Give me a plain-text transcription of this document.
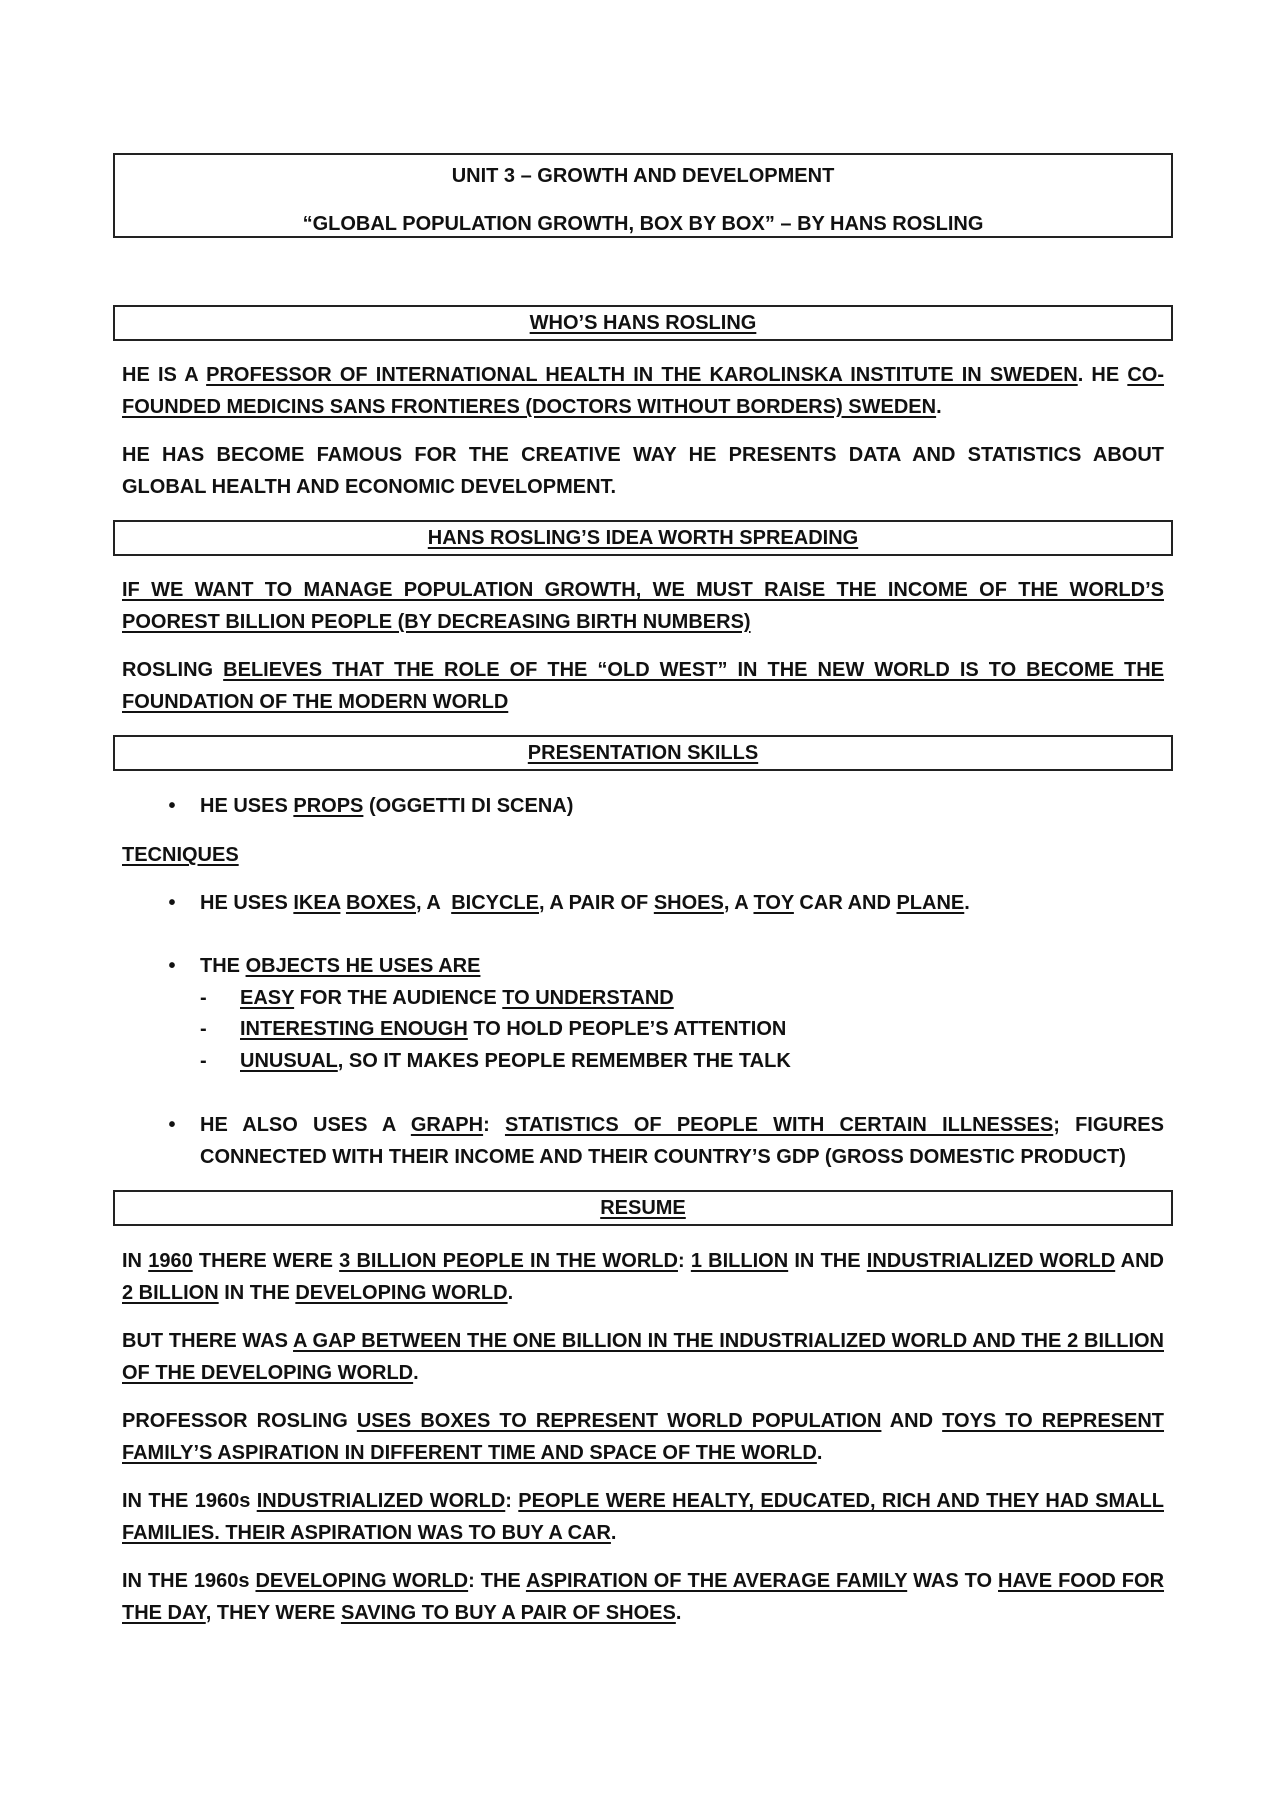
UNIT 3 – GROWTH AND DEVELOPMENT
“GLOBAL POPULATION GROWTH, BOX BY BOX” – BY HANS ROSLING
WHO’S HANS ROSLING

HE IS A PROFESSOR OF INTERNATIONAL HEALTH IN THE KAROLINSKA INSTITUTE IN SWEDEN. HE CO-FOUNDED MEDICINS SANS FRONTIERES (DOCTORS WITHOUT BORDERS) SWEDEN.

HE HAS BECOME FAMOUS FOR THE CREATIVE WAY HE PRESENTS DATA AND STATISTICS ABOUT GLOBAL HEALTH AND ECONOMIC DEVELOPMENT.

HANS ROSLING’S IDEA WORTH SPREADING

IF WE WANT TO MANAGE POPULATION GROWTH, WE MUST RAISE THE INCOME OF THE WORLD’S POOREST BILLION PEOPLE (BY DECREASING BIRTH NUMBERS)

ROSLING BELIEVES THAT THE ROLE OF THE “OLD WEST” IN THE NEW WORLD IS TO BECOME THE FOUNDATION OF THE MODERN WORLD

PRESENTATION SKILLS
•	HE USES PROPS (OGGETTI DI SCENA)

TECNIQUES

•	HE USES IKEA BOXES, A  BICYCLE, A PAIR OF SHOES, A TOY CAR AND PLANE.
•	THE OBJECTS HE USES ARE
- EASY FOR THE AUDIENCE TO UNDERSTAND
- INTERESTING ENOUGH TO HOLD PEOPLE’S ATTENTION
- UNUSUAL, SO IT MAKES PEOPLE REMEMBER THE TALK
•	HE ALSO USES A GRAPH: STATISTICS OF PEOPLE WITH CERTAIN ILLNESSES; FIGURES CONNECTED WITH THEIR INCOME AND THEIR COUNTRY’S GDP (GROSS DOMESTIC PRODUCT)
RESUME

IN 1960 THERE WERE 3 BILLION PEOPLE IN THE WORLD: 1 BILLION IN THE INDUSTRIALIZED WORLD AND 2 BILLION IN THE DEVELOPING WORLD.

BUT THERE WAS A GAP BETWEEN THE ONE BILLION IN THE INDUSTRIALIZED WORLD AND THE 2 BILLION OF THE DEVELOPING WORLD.

PROFESSOR ROSLING USES BOXES TO REPRESENT WORLD POPULATION AND TOYS TO REPRESENT FAMILY’S ASPIRATION IN DIFFERENT TIME AND SPACE OF THE WORLD.

IN THE 1960s INDUSTRIALIZED WORLD: PEOPLE WERE HEALTY, EDUCATED, RICH AND THEY HAD SMALL FAMILIES. THEIR ASPIRATION WAS TO BUY A CAR.

IN THE 1960s DEVELOPING WORLD: THE ASPIRATION OF THE AVERAGE FAMILY WAS TO HAVE FOOD FOR THE DAY, THEY WERE SAVING TO BUY A PAIR OF SHOES.
